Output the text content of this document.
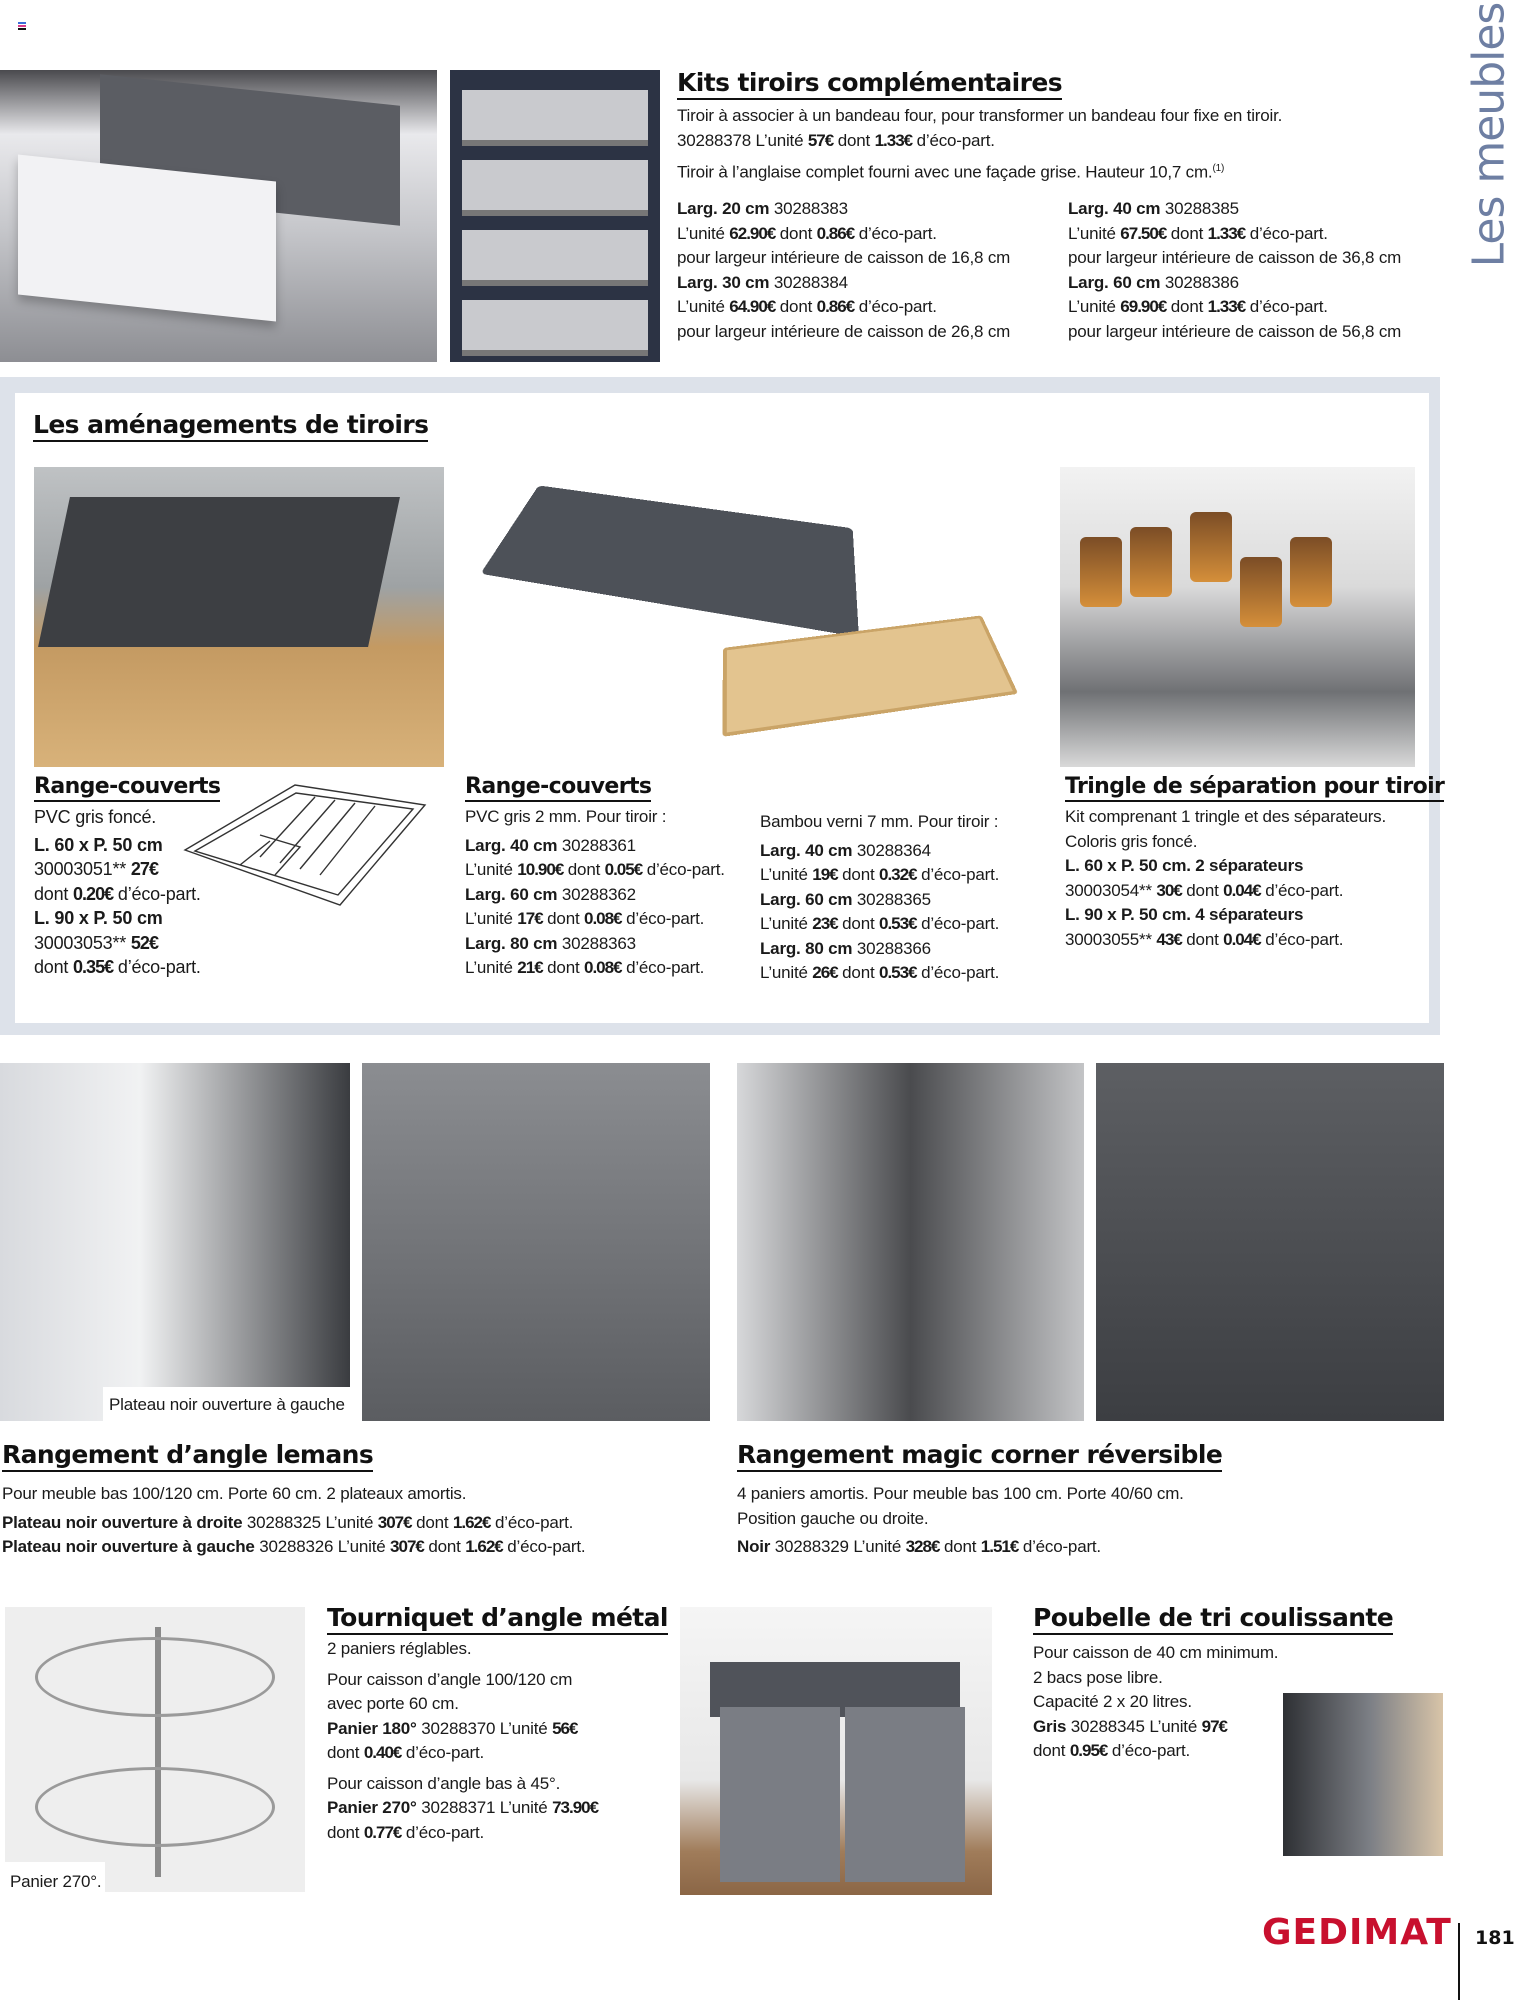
Les meubles
Kits tiroirs complémentaires
Tiroir à associer à un bandeau four, pour transformer un bandeau four fixe en tiroir.
30288378 L’unité 57€ dont 1.33€ d’éco-part.
Tiroir à l’anglaise complet fourni avec une façade grise. Hauteur 10,7 cm.$^{(1)}$
Larg. 20 cm 30288383
L’unité 62.90€ dont 0.86€ d’éco-part.
pour largeur intérieure de caisson de 16,8 cm
Larg. 30 cm 30288384
L’unité 64.90€ dont 0.86€ d’éco-part.
pour largeur intérieure de caisson de 26,8 cm
Larg. 40 cm 30288385
L’unité 67.50€ dont 1.33€ d’éco-part.
pour largeur intérieure de caisson de 36,8 cm
Larg. 60 cm 30288386
L’unité 69.90€ dont 1.33€ d’éco-part.
pour largeur intérieure de caisson de 56,8 cm
Les aménagements de tiroirs
Range-couverts
PVC gris foncé.
L. 60 x P. 50 cm
30003051** 27€
dont 0.20€ d’éco-part.
L. 90 x P. 50 cm
30003053** 52€
dont 0.35€ d’éco-part.
Range-couverts
PVC gris 2 mm. Pour tiroir :
Larg. 40 cm 30288361
L’unité 10.90€ dont 0.05€ d’éco-part.
Larg. 60 cm 30288362
L’unité 17€ dont 0.08€ d’éco-part.
Larg. 80 cm 30288363
L’unité 21€ dont 0.08€ d’éco-part.
Bambou verni 7 mm. Pour tiroir :
Larg. 40 cm 30288364
L’unité 19€ dont 0.32€ d’éco-part.
Larg. 60 cm 30288365
L’unité 23€ dont 0.53€ d’éco-part.
Larg. 80 cm 30288366
L’unité 26€ dont 0.53€ d’éco-part.
Tringle de séparation pour tiroir
Kit comprenant 1 tringle et des séparateurs.
Coloris gris foncé.
L. 60 x P. 50 cm. 2 séparateurs
30003054** 30€ dont 0.04€ d’éco-part.
L. 90 x P. 50 cm. 4 séparateurs
30003055** 43€ dont 0.04€ d’éco-part.
Plateau noir ouverture à gauche
Rangement d’angle lemans
Pour meuble bas 100/120 cm. Porte 60 cm. 2 plateaux amortis.
Plateau noir ouverture à droite 30288325 L’unité 307€ dont 1.62€ d’éco-part.
Plateau noir ouverture à gauche 30288326 L’unité 307€ dont 1.62€ d’éco-part.
Rangement magic corner réversible
4 paniers amortis. Pour meuble bas 100 cm. Porte 40/60 cm.
Position gauche ou droite.
Noir 30288329 L’unité 328€ dont 1.51€ d’éco-part.
Panier 270°.
Tourniquet d’angle métal
2 paniers réglables.
Pour caisson d’angle 100/120 cm
avec porte 60 cm.
Panier 180° 30288370 L’unité 56€
dont 0.40€ d’éco-part.
Pour caisson d’angle bas à 45°.
Panier 270° 30288371 L’unité 73.90€
dont 0.77€ d’éco-part.
Poubelle de tri coulissante
Pour caisson de 40 cm minimum.
2 bacs pose libre.
Capacité 2 x 20 litres.
Gris 30288345 L’unité 97€
dont 0.95€ d’éco-part.
GEDIMAT 181
